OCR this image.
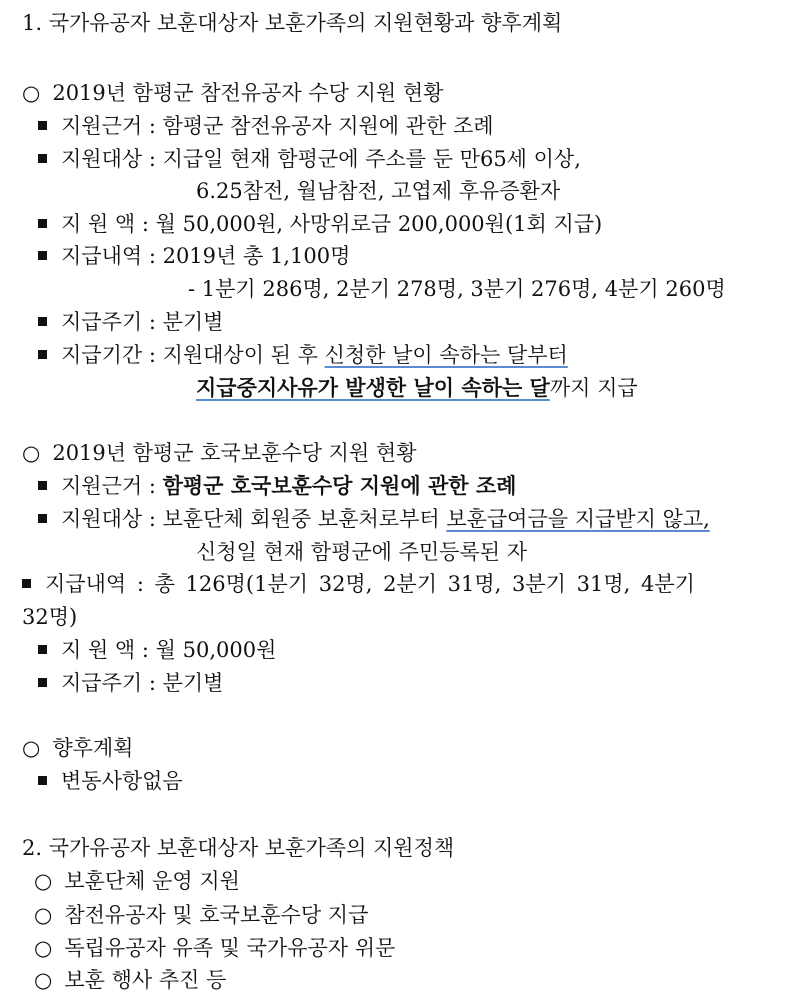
1. 국가유공자 보훈대상자 보훈가족의 지원현황과 향후계획
○ 2019년 함평군 참전유공자 수당 지원 현황
지원근거 : 함평군 참전유공자 지원에 관한 조례
지원대상 : 지급일 현재 함평군에 주소를 둔 만65세 이상,
6.25참전, 월남참전, 고엽제 후유증환자
지 원 액 : 월 50,000원, 사망위로금 200,000원(1회 지급)
지급내역 : 2019년 총 1,100명
- 1분기 286명, 2분기 278명, 3분기 276명, 4분기 260명
지급주기 : 분기별
지급기간 : 지원대상이 된 후 신청한 날이 속하는 달부터
지급중지사유가 발생한 날이 속하는 달까지 지급
○ 2019년 함평군 호국보훈수당 지원 현황
지원근거 : 함평군 호국보훈수당 지원에 관한 조례
지원대상 : 보훈단체 회원중 보훈처로부터 보훈급여금을 지급받지 않고,
신청일 현재 함평군에 주민등록된 자
지급내역 : 총 126명(1분기 32명, 2분기 31명, 3분기 31명, 4분기
32명)
지 원 액 : 월 50,000원
지급주기 : 분기별
○ 향후계획
변동사항없음
2. 국가유공자 보훈대상자 보훈가족의 지원정책
○ 보훈단체 운영 지원
○ 참전유공자 및 호국보훈수당 지급
○ 독립유공자 유족 및 국가유공자 위문
○ 보훈 행사 추진 등
